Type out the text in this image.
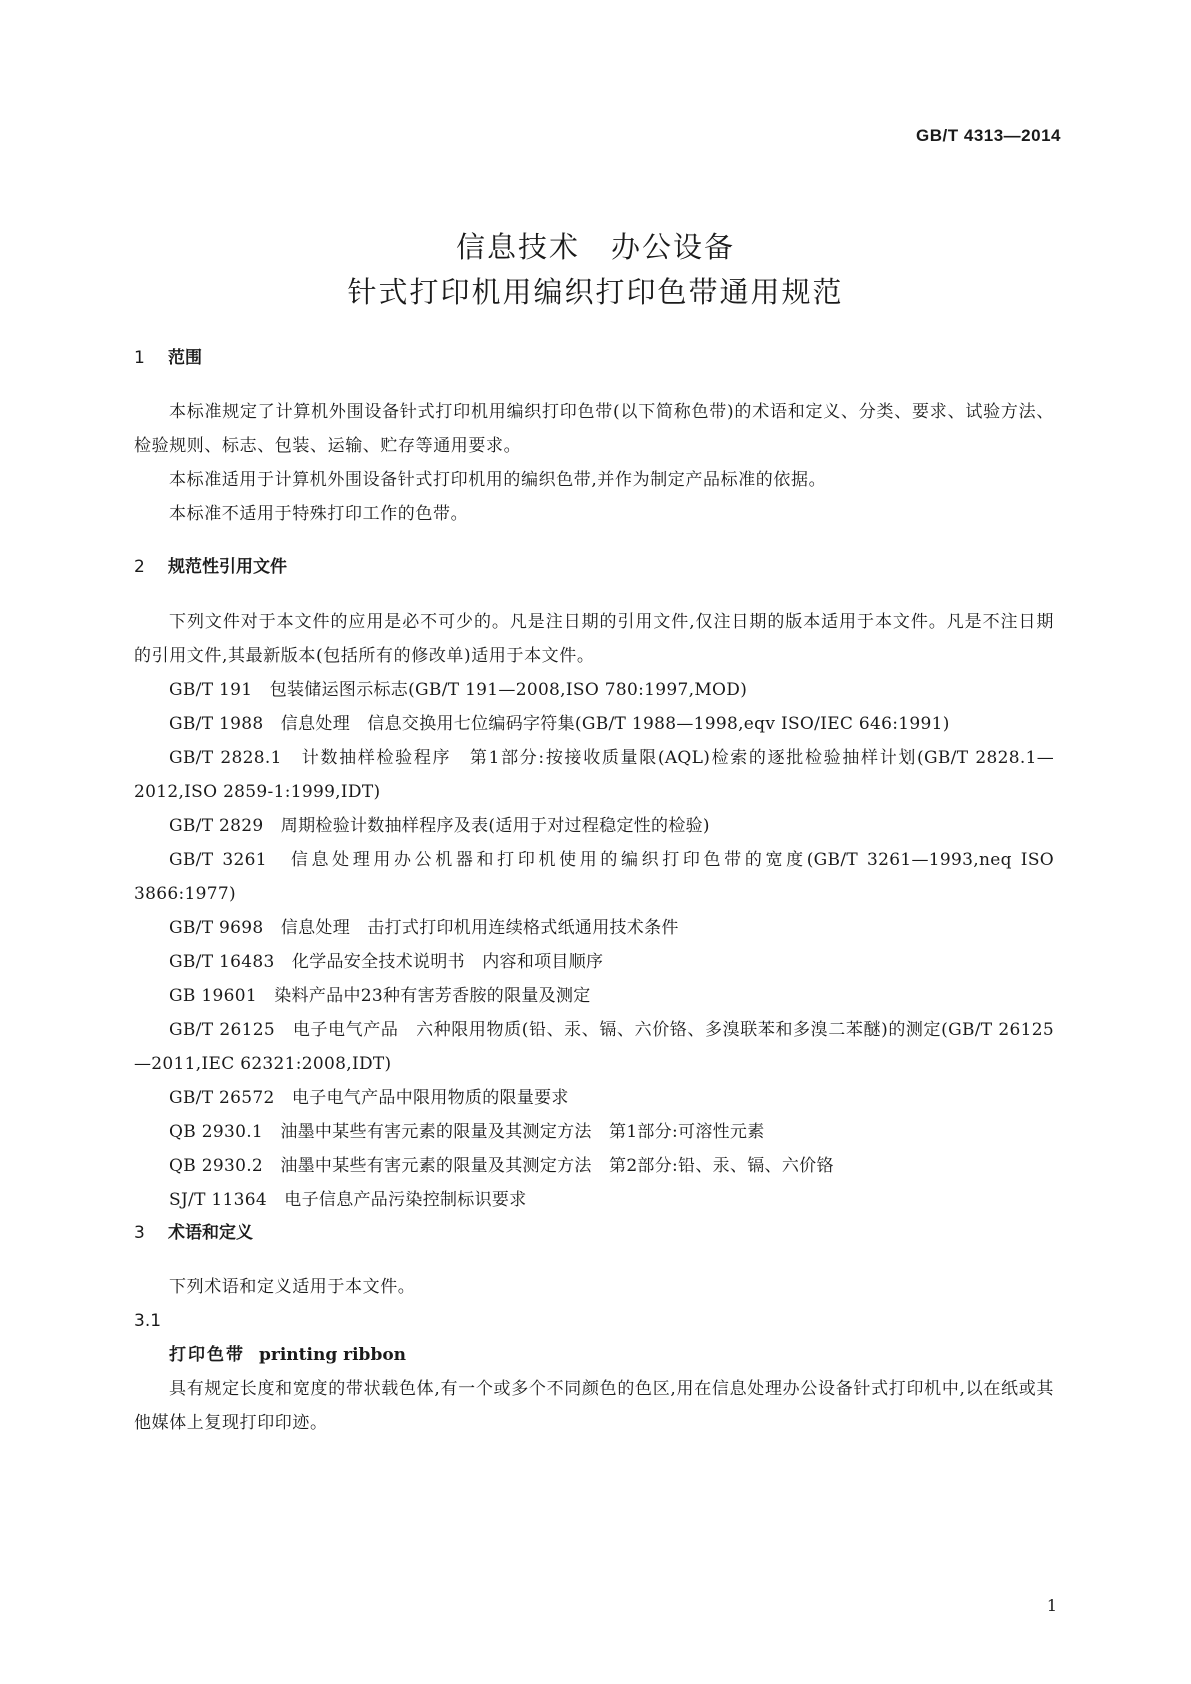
GB/T 4313—2014
信息技术　办公设备
针式打印机用编织打印色带通用规范
1 范围

本标准规定了计算机外围设备针式打印机用编织打印色带(以下简称色带)的术语和定义、分类、要求、试验方法、检验规则、标志、包装、运输、贮存等通用要求。

本标准适用于计算机外围设备针式打印机用的编织色带,并作为制定产品标准的依据。

本标准不适用于特殊打印工作的色带。

2 规范性引用文件

下列文件对于本文件的应用是必不可少的。凡是注日期的引用文件,仅注日期的版本适用于本文件。凡是不注日期的引用文件,其最新版本(包括所有的修改单)适用于本文件。

GB/T 191　包装储运图示标志(GB/T 191—2008,ISO 780:1997,MOD)

GB/T 1988　信息处理　信息交换用七位编码字符集(GB/T 1988—1998,eqv ISO/IEC 646:1991)

GB/T 2828.1　计数抽样检验程序　第1部分:按接收质量限(AQL)检索的逐批检验抽样计划(GB/T 2828.1—2012,ISO 2859-1:1999,IDT)

GB/T 2829　周期检验计数抽样程序及表(适用于对过程稳定性的检验)

GB/T 3261　信息处理用办公机器和打印机使用的编织打印色带的宽度(GB/T 3261—1993,neq ISO 3866:1977)

GB/T 9698　信息处理　击打式打印机用连续格式纸通用技术条件

GB/T 16483　化学品安全技术说明书　内容和项目顺序

GB 19601　染料产品中23种有害芳香胺的限量及测定

GB/T 26125　电子电气产品　六种限用物质(铅、汞、镉、六价铬、多溴联苯和多溴二苯醚)的测定(GB/T 26125—2011,IEC 62321:2008,IDT)

GB/T 26572　电子电气产品中限用物质的限量要求

QB 2930.1　油墨中某些有害元素的限量及其测定方法　第1部分:可溶性元素

QB 2930.2　油墨中某些有害元素的限量及其测定方法　第2部分:铅、汞、镉、六价铬

SJ/T 11364　电子信息产品污染控制标识要求

3 术语和定义

下列术语和定义适用于本文件。

3.1

打印色带 printing ribbon

具有规定长度和宽度的带状载色体,有一个或多个不同颜色的色区,用在信息处理办公设备针式打印机中,以在纸或其他媒体上复现打印印迹。

1
